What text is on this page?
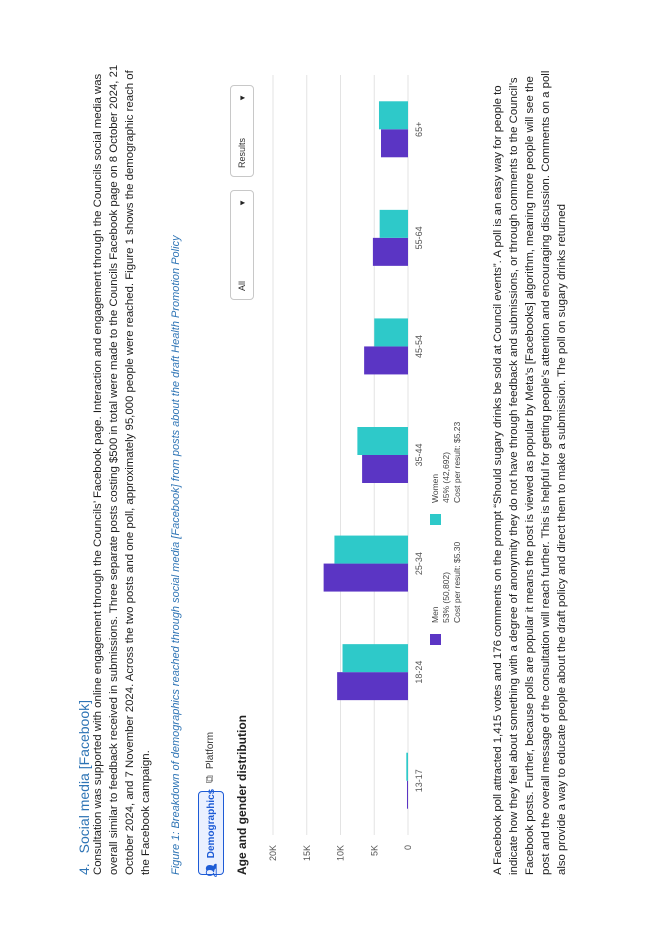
4.Social media [Facebook] Consultation was supported with online engagement through the Councils’ Facebook page. Interaction and engagement through the Councils social media was overall similar to feedback received in submissions. Three separate posts costing $500 in total were made to the Councils Facebook page on 8 October 2024, 21 October 2024, and 7 November 2024. Across the two posts and one poll, approximately 95,000 people were reached. Figure 1 shows the demographic reach of the Facebook campaign. Figure 1: Breakdown of demographics reached through social media [Facebook] from posts about the draft Health Promotion Policy 👥︎
Demographics
⧉
Platform Age and gender distribution
All
▼
Results
▼
0
5K
10K
15K
20K
13-17
18-24
25-34
35-44
45-54
55-64
65+
Men 53% (50,802) Cost per result: $5.30
Women 45% (42,692) Cost per result: $5.23	A Facebook poll attracted 1,415 votes and 176 comments on the prompt “Should sugary drinks be sold at Council events”. A poll is an easy way for people to indicate how they feel about something with a degree of anonymity they do not have through feedback and submissions, or through comments to the Council’s Facebook posts. Further, because polls are popular it means the post is viewed as popular by Meta’s [Facebooks] algorithm, meaning more people will see the post and the overall message of the consultation will reach further. This is helpful for getting people’s attention and encouraging discussion. Comments on a poll also provide a way to educate people about the draft policy and direct them to make a submission. The poll on sugary drinks returned
